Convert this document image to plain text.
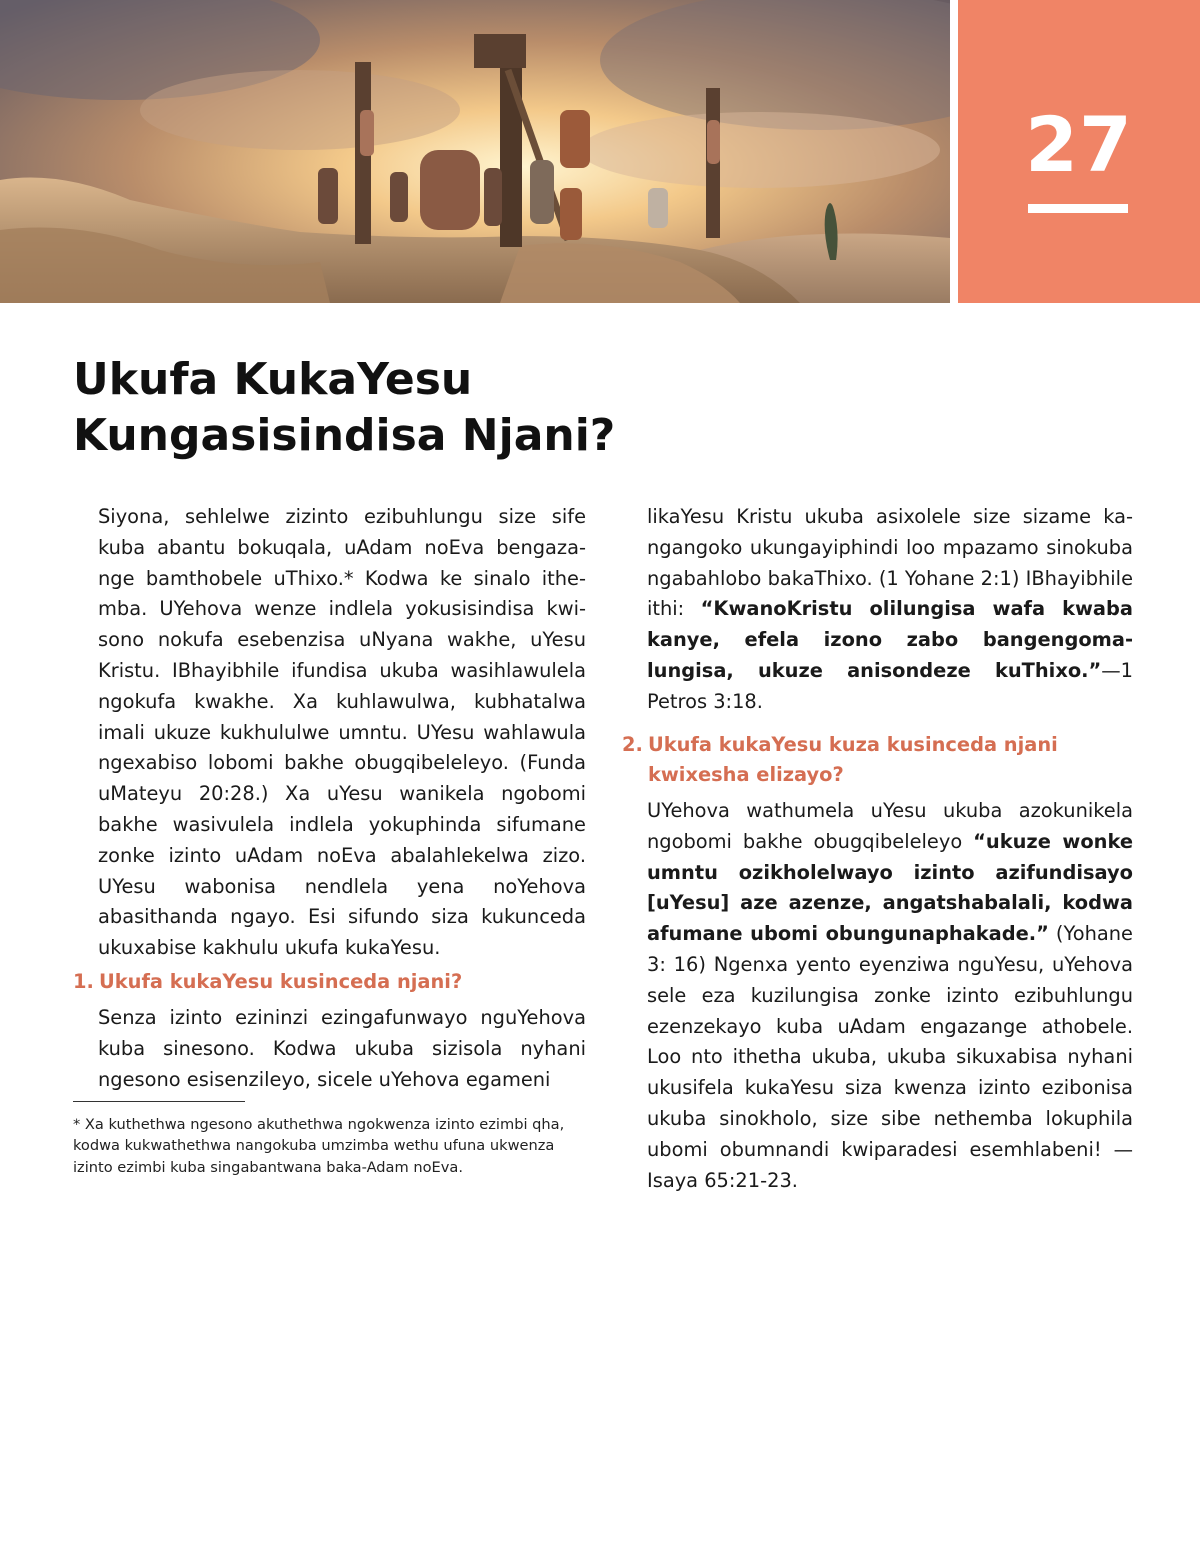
27
Ukufa KukaYesu
Kungasisindisa Njani?

Siyona, sehlelwe zizinto ezibuhlungu size sife kuba abantu bokuqala, uAdam noEva bengazange bamthobele uThixo.* Kodwa ke sinalo ithemba. UYehova wenze indlela yokusisindisa kwisono nokufa esebenzisa uNyana wakhe, uYesu Kristu. IBhayibhile ifundisa ukuba wasihlawulela ngokufa kwakhe. Xa kuhlawulwa, kubhatalwa imali ukuze kukhululwe umntu. UYesu wahlawula ngexabiso lobomi bakhe obugqibeleleyo. (Funda uMateyu 20:28.) Xa uYesu wanikela ngobomi bakhe wasivulela indlela yokuphinda sifumane zonke izinto uAdam noEva abalahlekelwa zizo. UYesu wabonisa nendlela yena noYehova abasithanda ngayo. Esi sifundo siza kukunceda ukuxabise kakhulu ukufa kukaYesu.

1. Ukufa kukaYesu kusinceda njani?

Senza izinto ezininzi ezingafunwayo nguYehova kuba sinesono. Kodwa ukuba sizisola nyhani ngesono esisenzileyo, sicele uYehova egameni

* Xa kuthethwa ngesono akuthethwa ngokwenza izinto ezimbi qha, kodwa kukwathethwa nangokuba umzimba wethu ufuna ukwenza izinto ezimbi kuba singabantwana baka-Adam noEva.

likaYesu Kristu ukuba asixolele size sizame kangangoko ukungayiphindi loo mpazamo sinokuba ngabahlobo bakaThixo. (1 Yohane 2:1) IBhayibhile ithi: “KwanoKristu olilungisa wafa kwaba kanye, efela izono zabo bangengomalungisa, ukuze anisondeze kuThixo.”—1 Petros 3:18.

2. Ukufa kukaYesu kuza kusinceda njani
kwixesha elizayo?

UYehova wathumela uYesu ukuba azokunikela ngobomi bakhe obugqibeleleyo “ukuze wonke umntu ozikholelwayo izinto azifundisayo [uYesu] aze azenze, angatshabalali, kodwa afumane ubomi obungunaphakade.” (Yohane 3: 16) Ngenxa yento eyenziwa nguYesu, uYehova sele eza kuzilungisa zonke izinto ezibuhlungu ezenzekayo kuba uAdam engazange athobele. Loo nto ithetha ukuba, ukuba sikuxabisa nyhani ukusifela kukaYesu siza kwenza izinto ezibonisa ukuba sinokholo, size sibe nethemba lokuphila ubomi obumnandi kwiparadesi esemhlabeni! —Isaya 65:21-23.
